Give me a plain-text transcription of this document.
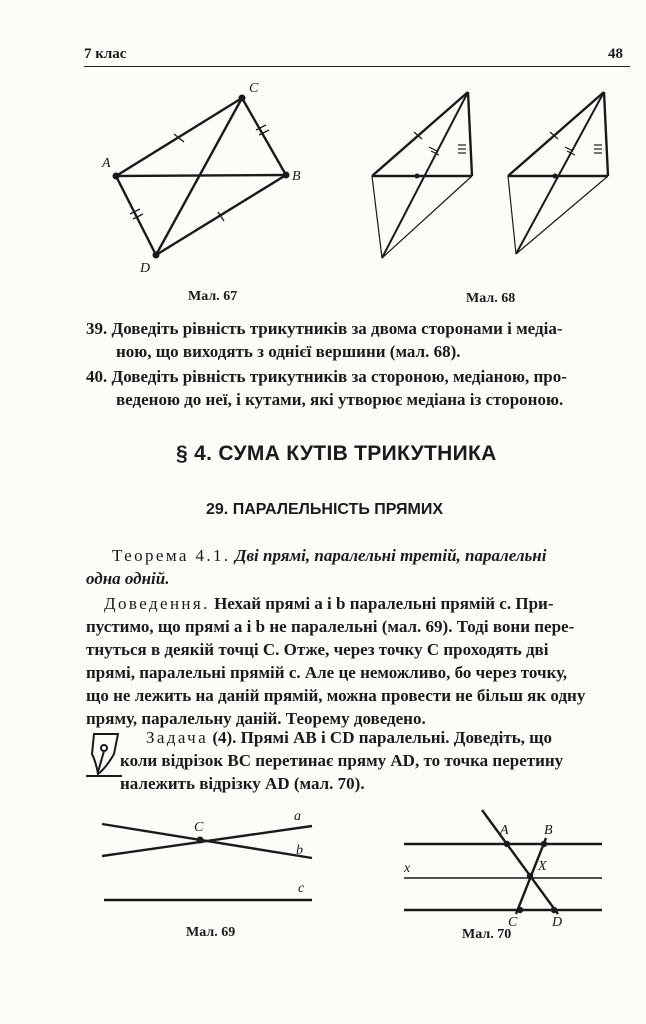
7 клас	48
A
C
B
D
Мал. 67	Мал. 68
39. Доведіть рівність трикутників за двома сторонами і медіа-
ною, що виходять з однієї вершини (мал. 68).
40. Доведіть рівність трикутників за стороною, медіаною, про-
веденою до неї, і кутами, які утворює медіана із стороною.
§ 4. СУМА КУТІВ ТРИКУТНИКА
29. ПАРАЛЕЛЬНІСТЬ ПРЯМИХ
Теорема 4.1. Дві прямі, паралельні третій, паралельні
одна одній.
Доведення. Нехай прямі a і b паралельні прямій c. При-
пустимо, що прямі a і b не паралельні (мал. 69). Тоді вони пере-
тнуться в деякій точці C. Отже, через точку C проходять дві
прямі, паралельні прямій c. Але це неможливо, бо через точку,
що не лежить на даній прямій, можна провести не більш як одну
пряму, паралельну даній. Теорему доведено.
Задача (4). Прямі AB і CD паралельні. Доведіть, що
коли відрізок BC перетинає пряму AD, то точка перетину
належить відрізку AD (мал. 70).
C
a
b
c
Мал. 69
A	B
x	X
C D
Мал. 70
